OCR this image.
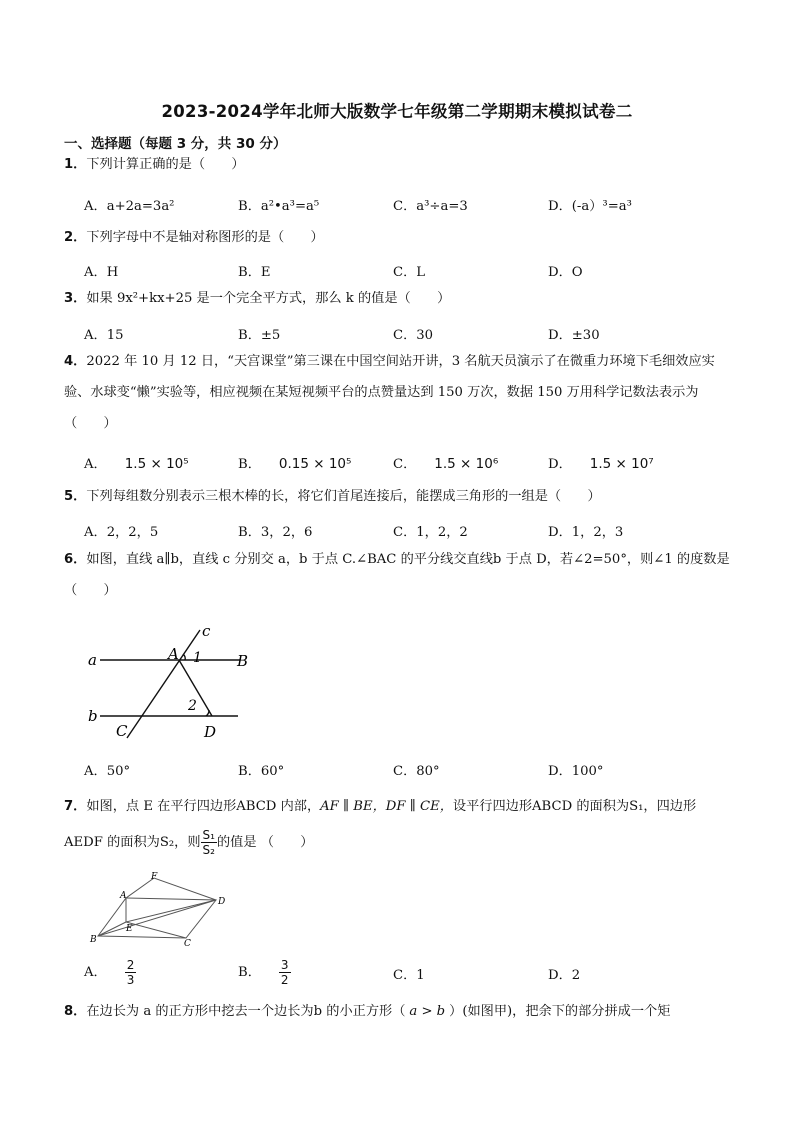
2023-2024学年北师大版数学七年级第二学期期末模拟试卷二
一、选择题（每题 3 分，共 30 分）
1．下列计算正确的是（　　）
A．a+2a=3a²	B．a²•a³=a⁵	C．a³÷a=3	D．(-a）³=a³
2．下列字母中不是轴对称图形的是（　　）
A．H	B．E	C．L	D．O
3．如果 9x²+kx+25 是一个完全平方式，那么 k 的值是（　　）
A．15	B．±5	C．30	D．±30
4．2022 年 10 月 12 日，“天宫课堂”第三课在中国空间站开讲，3 名航天员演示了在微重力环境下毛细效应实验、水球变“懒”实验等，相应视频在某短视频平台的点赞量达到 150 万次，数据 150 万用科学记数法表示为（　　）
A． 1.5 × 10⁵	B． 0.15 × 10⁵	C． 1.5 × 10⁶	D． 1.5 × 10⁷
5．下列每组数分别表示三根木棒的长，将它们首尾连接后，能摆成三角形的一组是（　　）
A．2，2，5	B．3，2，6	C．1，2，2	D．1，2，3
6．如图，直线 a∥b，直线 c 分别交 a，b 于点 C.∠BAC 的平分线交直线b 于点 D，若∠2=50°，则∠1 的度数是（　　）
a	A 1 B
b
C
2
D
c
A．50°	B．60°	C．80°	D．100°
7．如图，点 E 在平行四边形ABCD 内部，AF ∥ BE，DF ∥ CE，设平行四边形ABCD 的面积为S₁，四边形 AEDF 的面积为S₂，则 $\frac{\text{S₁}}{\text{S₂}}$ 的值是 （　　）
F
A
D
E
B	C
A． $\frac{2}{3}$	B． $\frac{3}{2}$	C．1	D．2
8．在边长为 a 的正方形中挖去一个边长为b 的小正方形（ a > b ）(如图甲)，把余下的部分拼成一个矩
